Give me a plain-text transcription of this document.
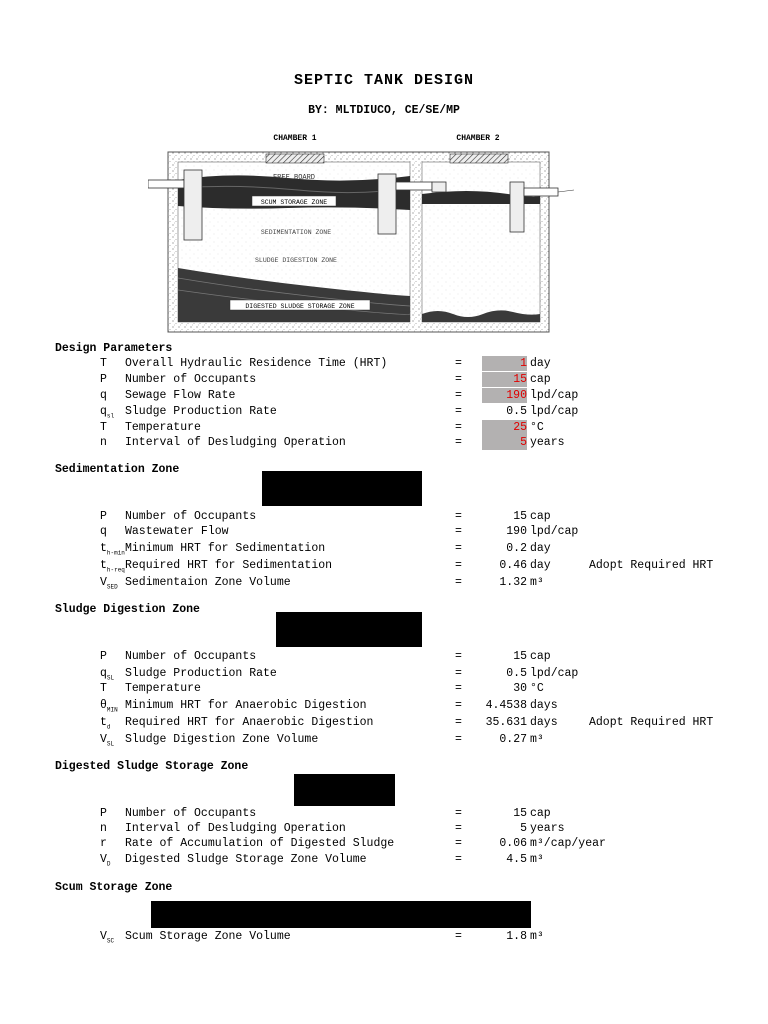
SEPTIC TANK DESIGN
BY: MLTDIUCO, CE/SE/MP
CHAMBER 1	CHAMBER 2
FREE BOARD
SCUM STORAGE ZONE
SEDIMENTATION ZONE
SLUDGE DIGESTION ZONE
DIGESTED SLUDGE STORAGE ZONE
Design Parameters
Sedimentation Zone
Sludge Digestion Zone
Digested Sludge Storage Zone
Scum Storage Zone
T Overall Hydraulic Residence Time (HRT)	=	1 day
P Number of Occupants	=	15 cap
q Sewage Flow Rate	=	190 lpd/cap
$q_{sl}$ Sludge Production Rate	=	0.5 lpd/cap
T Temperature	=	25 °C
n Interval of Desludging Operation	=	5 years
P Number of Occupants	=	15 cap
q Wastewater Flow	=	190 lpd/cap
$t_{h-min}$ Minimum HRT for Sedimentation	=	0.2 day
$t_{h-req}$ Required HRT for Sedimentation	=	0.46 day	Adopt Required HRT
$V_{SED}$ Sedimentaion Zone Volume	=	1.32 m³
P Number of Occupants	=	15 cap
$q_{SL}$ Sludge Production Rate	=	0.5 lpd/cap
T Temperature	=	30 °C
$\theta_{MIN}$ Minimum HRT for Anaerobic Digestion	=	4.4538 days
$t_d$ Required HRT for Anaerobic Digestion	=	35.631 days	Adopt Required HRT
$V_{SL}$ Sludge Digestion Zone Volume	=	0.27 m³
P Number of Occupants	=	15 cap
n Interval of Desludging Operation	=	5 years
r Rate of Accumulation of Digested Sludge	=	0.06 m³/cap/year
$V_D$ Digested Sludge Storage Zone Volume	=	4.5 m³
$V_{SC}$ Scum Storage Zone Volume	=	1.8 m³
